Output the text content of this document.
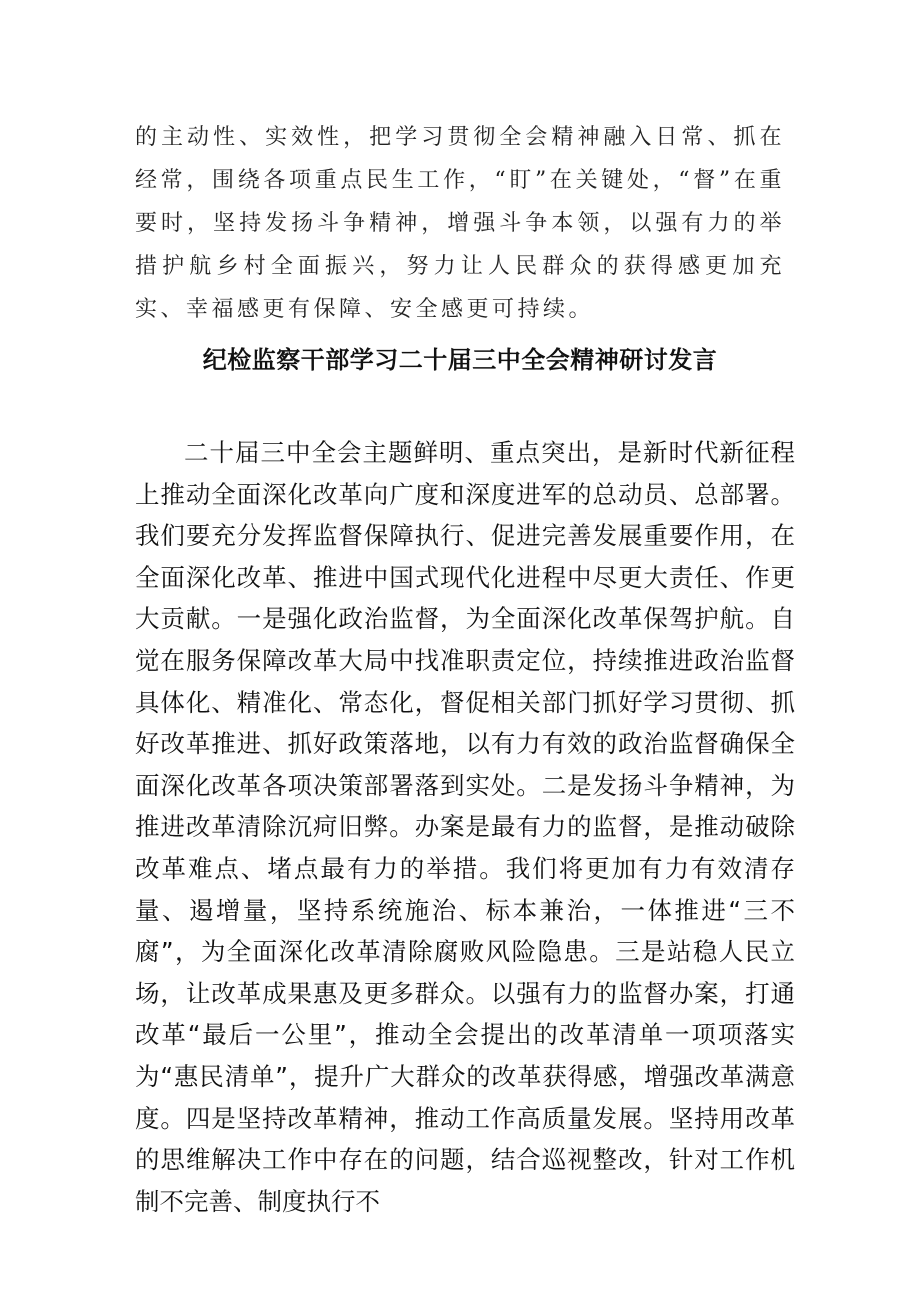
的主动性、实效性，把学习贯彻全会精神融入日常、抓在经常，围绕各项重点民生工作，“盯”在关键处，“督”在重要时，坚持发扬斗争精神，增强斗争本领，以强有力的举措护航乡村全面振兴，努力让人民群众的获得感更加充实、幸福感更有保障、安全感更可持续。

纪检监察干部学习二十届三中全会精神研讨发言

二十届三中全会主题鲜明、重点突出，是新时代新征程上推动全面深化改革向广度和深度进军的总动员、总部署。我们要充分发挥监督保障执行、促进完善发展重要作用，在全面深化改革、推进中国式现代化进程中尽更大责任、作更大贡献。一是强化政治监督，为全面深化改革保驾护航。自觉在服务保障改革大局中找准职责定位，持续推进政治监督具体化、精准化、常态化，督促相关部门抓好学习贯彻、抓好改革推进、抓好政策落地，以有力有效的政治监督确保全面深化改革各项决策部署落到实处。二是发扬斗争精神，为推进改革清除沉疴旧弊。办案是最有力的监督，是推动破除改革难点、堵点最有力的举措。我们将更加有力有效清存量、遏增量，坚持系统施治、标本兼治，一体推进“三不腐”，为全面深化改革清除腐败风险隐患。三是站稳人民立场，让改革成果惠及更多群众。以强有力的监督办案，打通改革“最后一公里”，推动全会提出的改革清单一项项落实为“惠民清单”，提升广大群众的改革获得感，增强改革满意度。四是坚持改革精神，推动工作高质量发展。坚持用改革的思维解决工作中存在的问题，结合巡视整改，针对工作机制不完善、制度执行不
